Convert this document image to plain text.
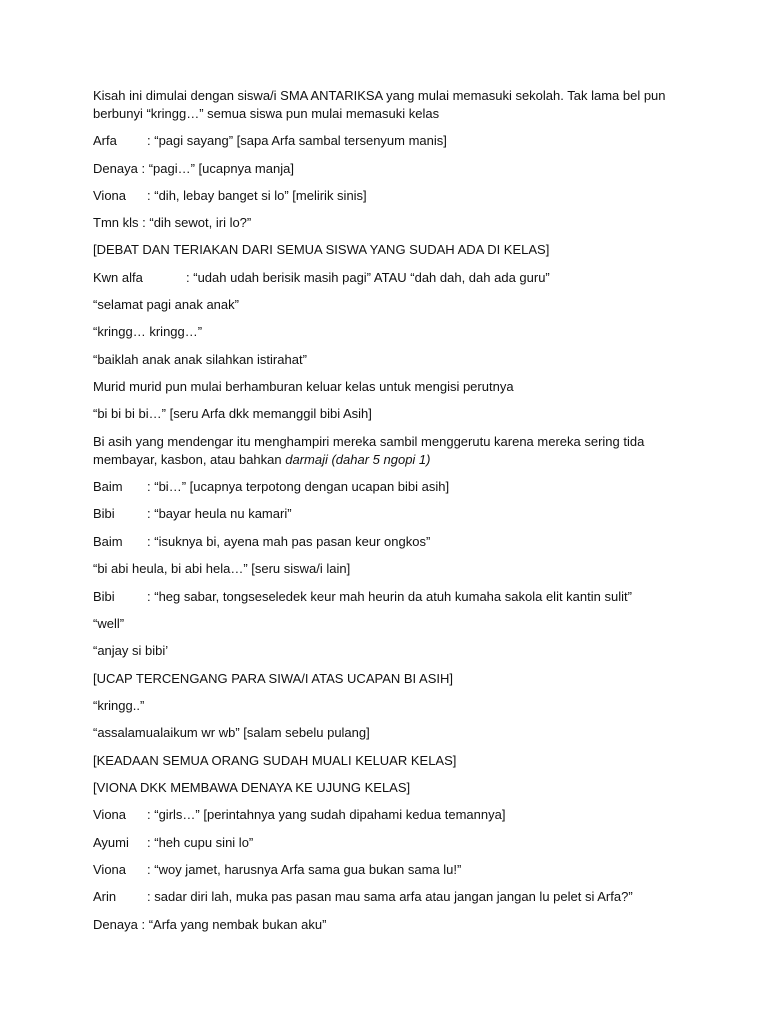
Kisah ini dimulai dengan siswa/i SMA ANTARIKSA yang mulai memasuki sekolah. Tak lama bel pun
berbunyi “kringg…” semua siswa pun mulai memasuki kelas
Arfa : “pagi sayang” [sapa Arfa sambal tersenyum manis]
Denaya : “pagi…” [ucapnya manja]
Viona : “dih, lebay banget si lo” [melirik sinis]
Tmn kls : “dih sewot, iri lo?”
[DEBAT DAN TERIAKAN DARI SEMUA SISWA YANG SUDAH ADA DI KELAS]
Kwn alfa	: “udah udah berisik masih pagi” ATAU “dah dah, dah ada guru”
“selamat pagi anak anak”
“kringg… kringg…”
“baiklah anak anak silahkan istirahat”
Murid murid pun mulai berhamburan keluar kelas untuk mengisi perutnya
“bi bi bi bi…” [seru Arfa dkk memanggil bibi Asih]
Bi asih yang mendengar itu menghampiri mereka sambil menggerutu karena mereka sering tida
membayar, kasbon, atau bahkan darmaji (dahar 5 ngopi 1)
Baim : “bi…” [ucapnya terpotong dengan ucapan bibi asih]
Bibi : “bayar heula nu kamari”
Baim : “isuknya bi, ayena mah pas pasan keur ongkos”
“bi abi heula, bi abi hela…” [seru siswa/i lain]
Bibi : “heg sabar, tongseseledek keur mah heurin da atuh kumaha sakola elit kantin sulit”
“well”
“anjay si bibi’
[UCAP TERCENGANG PARA SIWA/I ATAS UCAPAN BI ASIH]
“kringg..”
“assalamualaikum wr wb” [salam sebelu pulang]
[KEADAAN SEMUA ORANG SUDAH MUALI KELUAR KELAS]
[VIONA DKK MEMBAWA DENAYA KE UJUNG KELAS]
Viona : “girls…” [perintahnya yang sudah dipahami kedua temannya]
Ayumi : “heh cupu sini lo”
Viona : “woy jamet, harusnya Arfa sama gua bukan sama lu!”
Arin : sadar diri lah, muka pas pasan mau sama arfa atau jangan jangan lu pelet si Arfa?”
Denaya : “Arfa yang nembak bukan aku”
